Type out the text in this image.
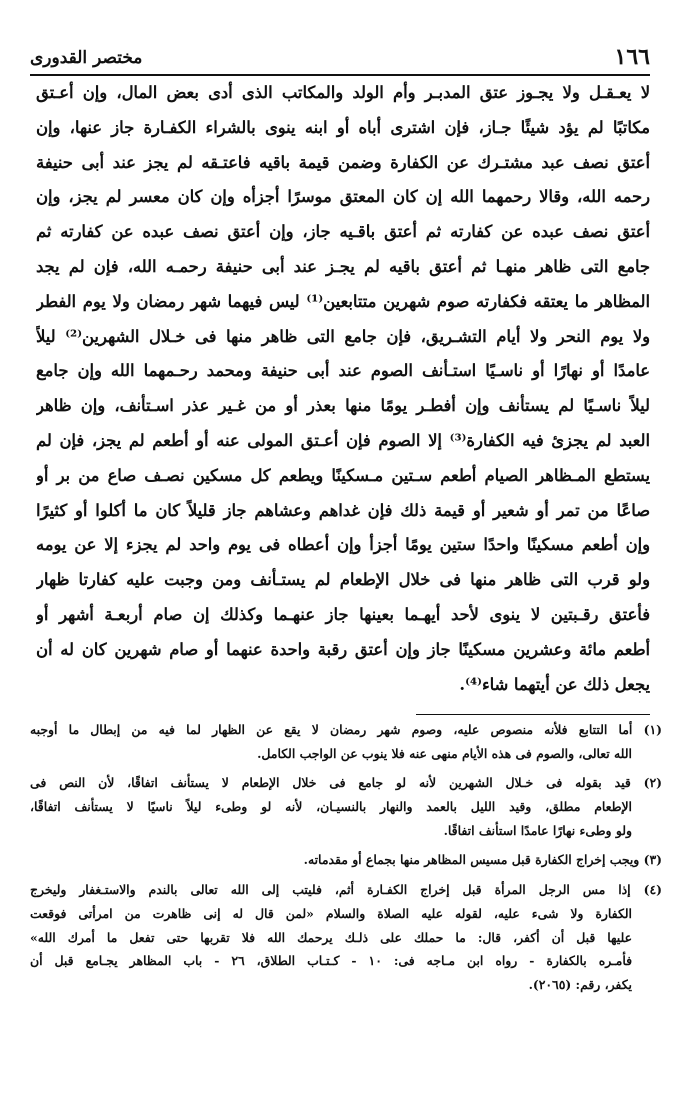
١٦٦
مختصر القدورى
لا يعـقـل ولا يجـوز عتق المدبـر وأم الولد والمكاتب الذى أدى بعض المال، وإن أعـتق
مكاتبًا لم يؤد شيئًا جـاز، فإن اشترى أباه أو ابنه ينوى بالشراء الكفـارة جاز عنها، وإن
أعتق نصف عبد مشتـرك عن الكفارة وضمن قيمة باقيه فاعتـقه لم يجز عند أبى حنيفة
رحمه الله، وقالا رحمهما الله إن كان المعتق موسرًا أجزأه وإن كان معسر لم يجز، وإن
أعتق نصف عبده عن كفارته ثم أعتق باقـيه جاز، وإن أعتق نصف عبده عن كفارته ثم
جامع التى ظاهر منهـا ثم أعتق باقيه لم يجـز عند أبى حنيفة رحمـه الله، فإن لم يجد
المظاهر ما يعتقه فكفارته صوم شهرين متتابعين⁽¹⁾ ليس فيهما شهر رمضان ولا يوم الفطر
ولا يوم النحر ولا أيام التشـريق، فإن جامع التى ظاهر منها فى خـلال الشهرين⁽²⁾ ليلاً
عامدًا أو نهارًا أو ناسـيًا استـأنف الصوم عند أبى حنيفة ومحمد رحـمهما الله وإن جامع
ليلاً ناسـيًا لم يستأنف وإن أفطـر يومًا منها بعذر أو من غـير عذر اسـتأنف، وإن ظاهر
العبد لم يجزئ فيه الكفارة⁽³⁾ إلا الصوم فإن أعـتق المولى عنه أو أطعم لم يجز، فإن لم
يستطع المـظاهر الصيام أطعم سـتين مـسكينًا ويطعم كل مسكين نصـف صاع من بر أو
صاعًا من تمر أو شعير أو قيمة ذلك فإن غداهم وعشاهم جاز قليلاً كان ما أكلوا أو كثيرًا
وإن أطعم مسكينًا واحدًا ستين يومًا أجزأ وإن أعطاه فى يوم واحد لم يجزء إلا عن يومه
ولو قرب التى ظاهر منها فى خلال الإطعام لم يستـأنف ومن وجبت عليه كفارتا ظهار
فأعتق رقـبتين لا ينوى لأحد أيهـما بعينها جاز عنهـما وكذلك إن صام أربعـة أشهر أو
أطعم مائة وعشرين مسكينًا جاز وإن أعتق رقبة واحدة عنهما أو صام شهرين كان له أن
يجعل ذلك عن أيتهما شاء⁽⁴⁾.
(١) أما التتابع فلأنه منصوص عليه، وصوم شهر رمضان لا يقع عن الظهار لما فيه من إبطال ما أوجبه
الله تعالى، والصوم فى هذه الأيام منهى عنه فلا ينوب عن الواجب الكامل.
(٢) قيد بقوله فى خـلال الشهرين لأنه لو جامع فى خلال الإطعام لا يستأنف اتفاقًا، لأن النص فى
الإطعام مطلق، وقيد الليل بالعمد والنهار بالنسيـان، لأنه لو وطىء ليلاً ناسيًا لا يستأنف اتفاقًا،
ولو وطىء نهارًا عامدًا استأنف اتفاقًا.
(٣) ويجب إخراج الكفارة قبل مسيس المظاهر منها بجماع أو مقدماته.
(٤) إذا مس الرجل المرأة قبل إخراج الكفـارة أثم، فليتب إلى الله تعالى بالندم والاستـغفار وليخرج
الكفارة ولا شىء عليه، لقوله عليه الصلاة والسلام «لمن قال له إنى ظاهرت من امرأتى فوقعت
عليها قبل أن أكفر، قال: ما حملك على ذلـك يرحمك الله فلا تقربها حتى تفعل ما أمرك الله»
فأمـره بالكفارة - رواه ابن مـاجه فى: ١٠ - كـتـاب الطلاق، ٢٦ - باب المظاهر يجـامع قبل أن
يكفر، رقم: (٢٠٦٥).
